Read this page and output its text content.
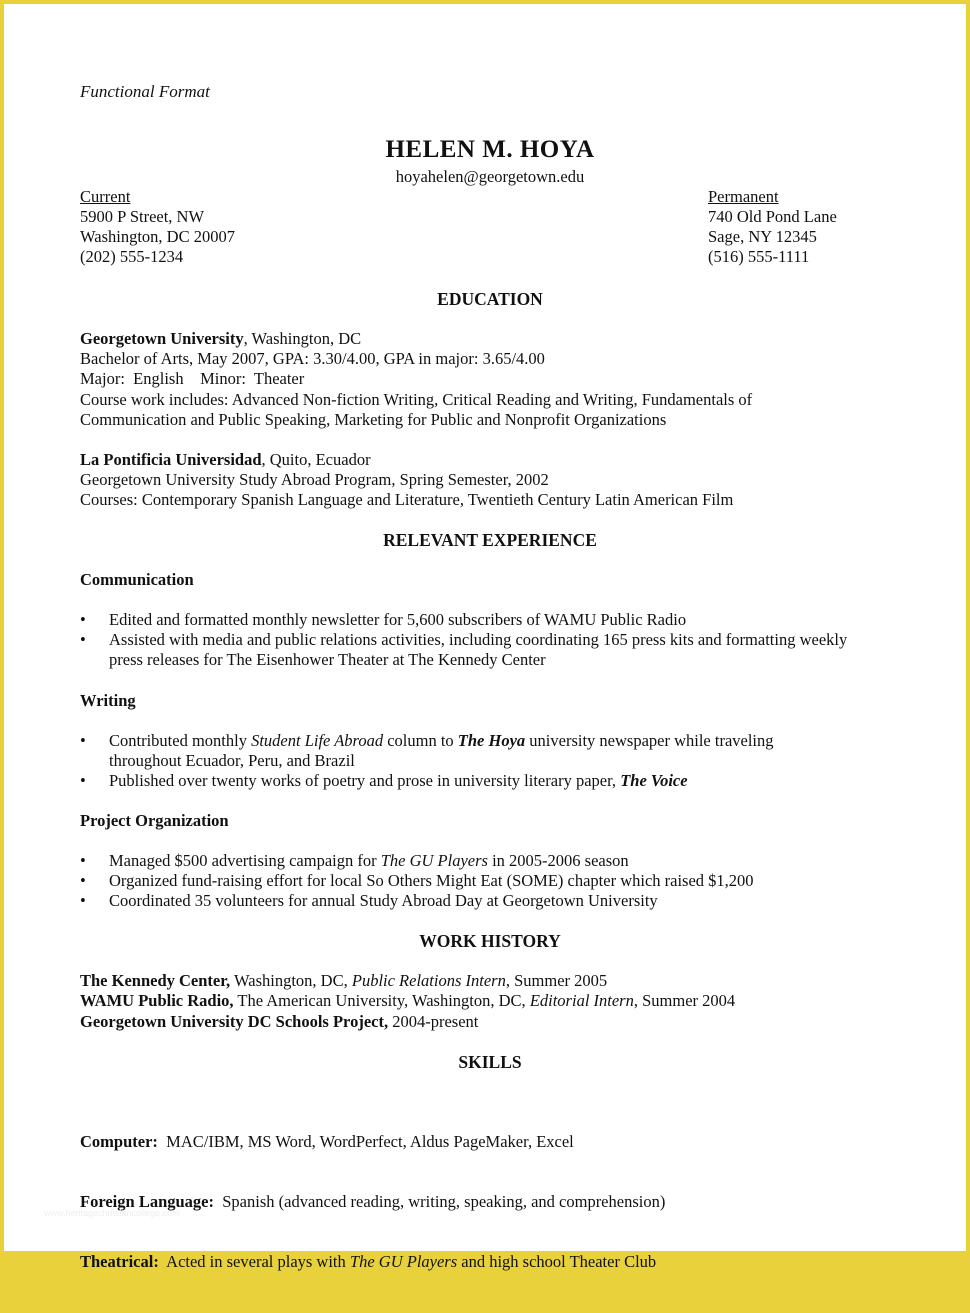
Functional Format
HELEN M. HOYA
hoyahelen@georgetown.edu
Current
5900 P Street, NW
Washington, DC 20007
(202) 555-1234
Permanent
740 Old Pond Lane
Sage, NY 12345
(516) 555-1111
EDUCATION
Georgetown University, Washington, DC
Bachelor of Arts, May 2007, GPA: 3.30/4.00, GPA in major: 3.65/4.00
Major:  English    Minor:  Theater
Course work includes: Advanced Non-fiction Writing, Critical Reading and Writing, Fundamentals of
Communication and Public Speaking, Marketing for Public and Nonprofit Organizations
La Pontificia Universidad, Quito, Ecuador
Georgetown University Study Abroad Program, Spring Semester, 2002
Courses: Contemporary Spanish Language and Literature, Twentieth Century Latin American Film
RELEVANT EXPERIENCE
Communication
• Edited and formatted monthly newsletter for 5,600 subscribers of WAMU Public Radio
• Assisted with media and public relations activities, including coordinating 165 press kits and formatting weekly
press releases for The Eisenhower Theater at The Kennedy Center
Writing
• Contributed monthly Student Life Abroad column to The Hoya university newspaper while traveling
throughout Ecuador, Peru, and Brazil
• Published over twenty works of poetry and prose in university literary paper, The Voice
Project Organization
• Managed $500 advertising campaign for The GU Players in 2005-2006 season
• Organized fund-raising effort for local So Others Might Eat (SOME) chapter which raised $1,200
• Coordinated 35 volunteers for annual Study Abroad Day at Georgetown University
WORK HISTORY
The Kennedy Center, Washington, DC, Public Relations Intern, Summer 2005
WAMU Public Radio, The American University, Washington, DC, Editorial Intern, Summer 2004
Georgetown University DC Schools Project, 2004-present
SKILLS

Computer:  MAC/IBM, MS Word, WordPerfect, Aldus PageMaker, Excel

Foreign Language:  Spanish (advanced reading, writing, speaking, and comprehension)

Theatrical:  Acted in several plays with The GU Players and high school Theater Club

www.heritagechristiancollege.com
